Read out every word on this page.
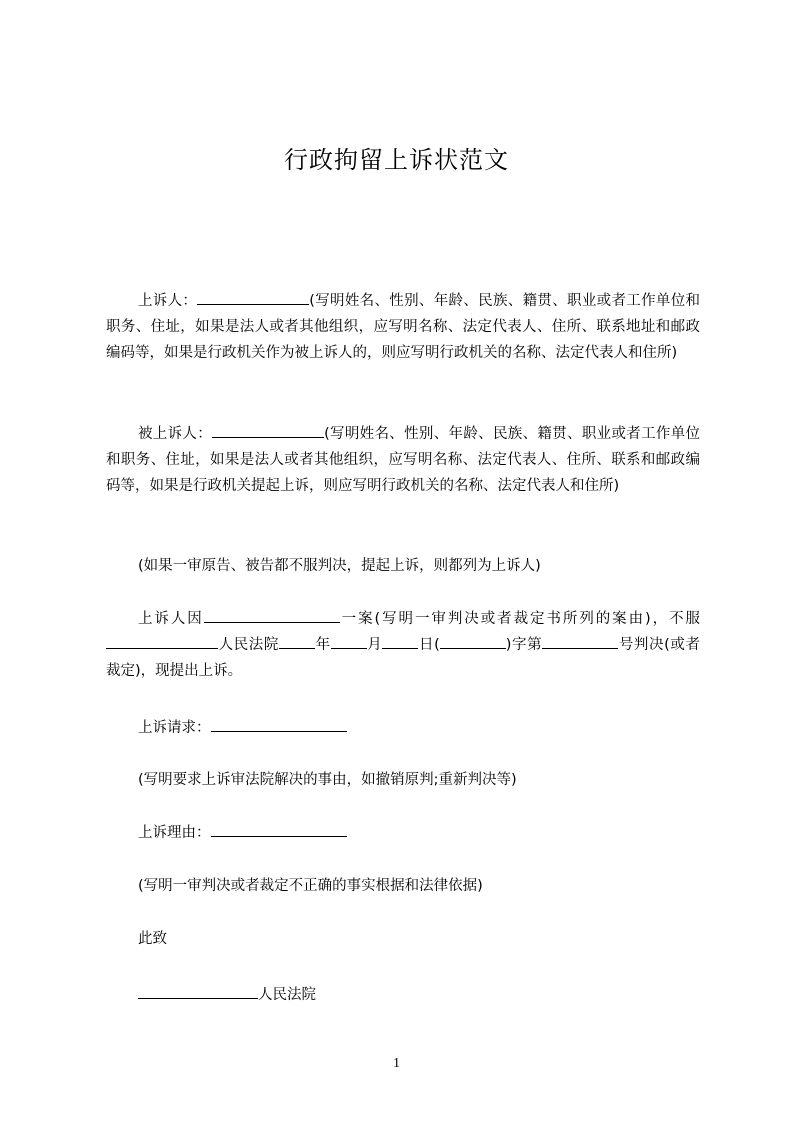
行政拘留上诉状范文
上诉人：	(写明姓名、性别、年龄、民族、籍贯、职业或者工作单位和职务、住址，如果是法人或者其他组织，应写明名称、法定代表人、住所、联系地址和邮政编码等，如果是行政机关作为被上诉人的，则应写明行政机关的名称、法定代表人和住所)
被上诉人：	(写明姓名、性别、年龄、民族、籍贯、职业或者工作单位和职务、住址，如果是法人或者其他组织，应写明名称、法定代表人、住所、联系和邮政编码等，如果是行政机关提起上诉，则应写明行政机关的名称、法定代表人和住所)
(如果一审原告、被告都不服判决，提起上诉，则都列为上诉人)
上诉人因	一案(写明一审判决或者裁定书所列的案由)，不服人民法院 年 月 日(	)字第	号判决(或者裁定)，现提出上诉。
上诉请求：
(写明要求上诉审法院解决的事由，如撤销原判;重新判决等)
上诉理由：
(写明一审判决或者裁定不正确的事实根据和法律依据)
此致
人民法院
1
